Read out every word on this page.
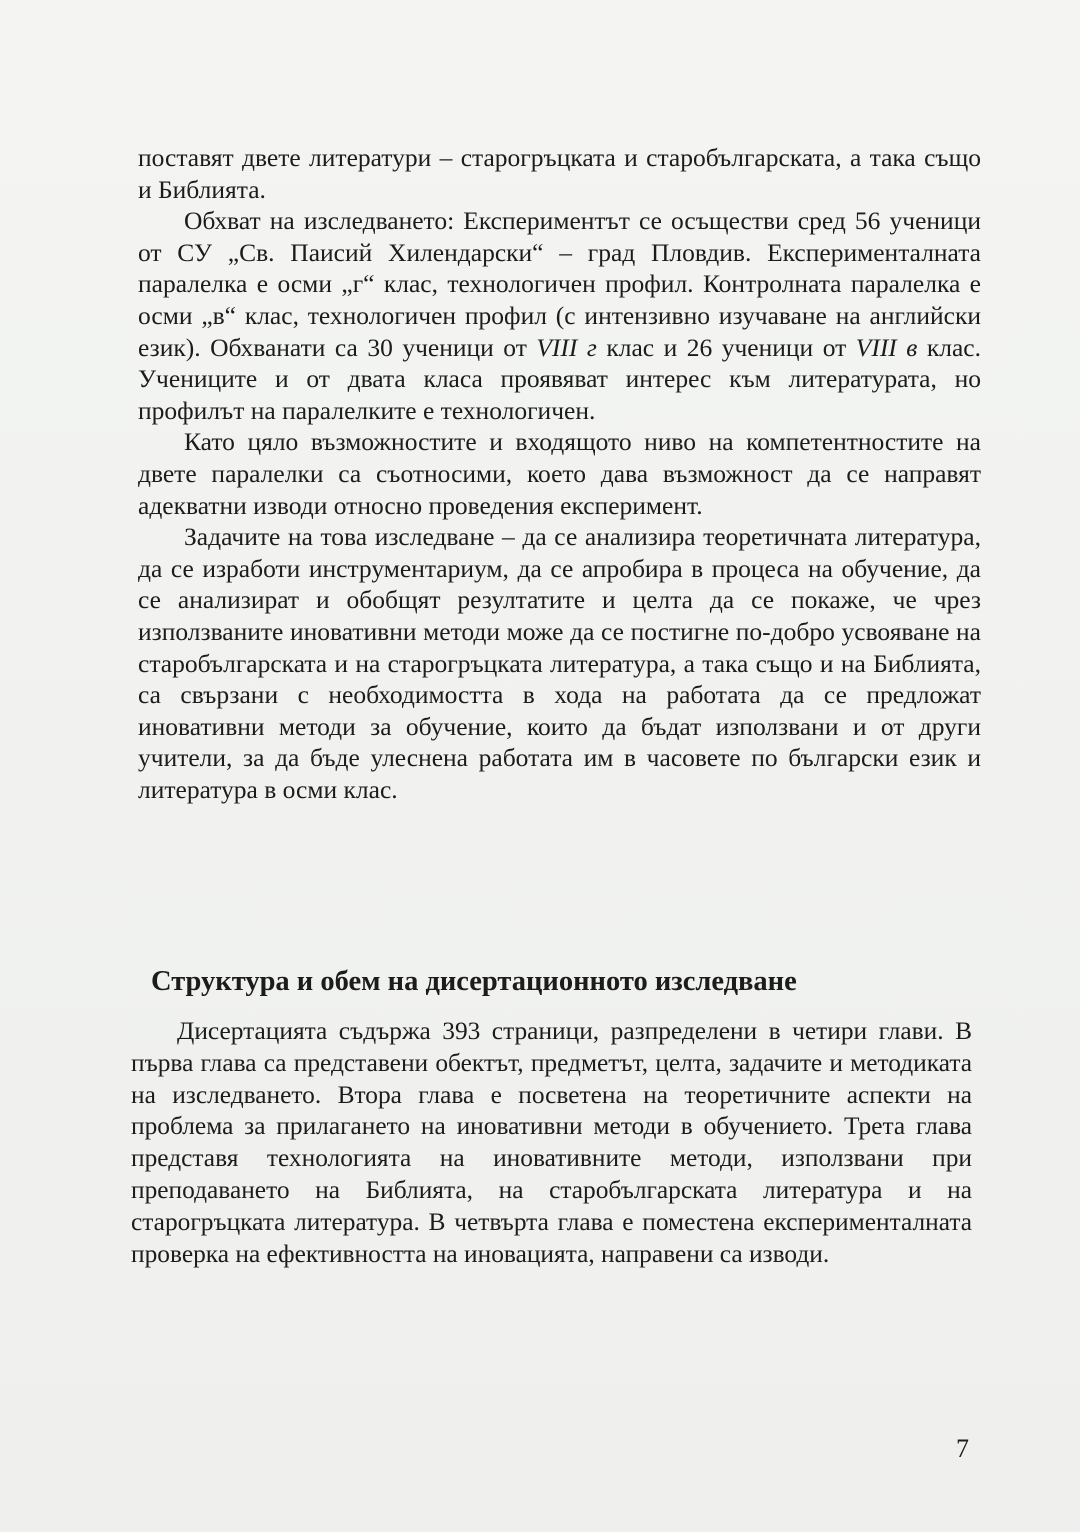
поставят двете литератури – старогръцката и старобългарската, а така също и Библията.

Обхват на изследването: Експериментът се осъществи сред 56 ученици от СУ „Св. Паисий Хилендарски“ – град Пловдив. Експерименталната паралелка е осми „г“ клас, технологичен профил. Контролната паралелка е осми „в“ клас, технологичен профил (с интензивно изучаване на английски език). Обхванати са 30 ученици от VIII г клас и 26 ученици от VIII в клас. Учениците и от двата класа проявяват интерес към литературата, но профилът на паралелките е технологичен.

Като цяло възможностите и входящото ниво на компетентностите на двете паралелки са съотносими, което дава възможност да се направят адекватни изводи относно проведения експеримент.

Задачите на това изследване – да се анализира теоретичната литература, да се изработи инструментариум, да се апробира в процеса на обучение, да се анализират и обобщят резултатите и целта да се покаже, че чрез използваните иновативни методи може да се постигне по-добро усвояване на старобългарската и на старогръцката литература, а така също и на Библията, са свързани с необходимостта в хода на работата да се предложат иновативни методи за обучение, които да бъдат използвани и от други учители, за да бъде улеснена работата им в часовете по български език и литература в осми клас.

Структура и обем на дисертационното изследване

Дисертацията съдържа 393 страници, разпределени в четири глави. В първа глава са представени обектът, предметът, целта, задачите и методиката на изследването. Втора глава е посветена на теоретичните аспекти на проблема за прилагането на иновативни методи в обучението. Трета глава представя технологията на иновативните методи, използвани при преподаването на Библията, на старобългарската литература и на старогръцката литература. В четвърта глава е поместена експерименталната проверка на ефективността на иновацията, направени са изводи.

7
